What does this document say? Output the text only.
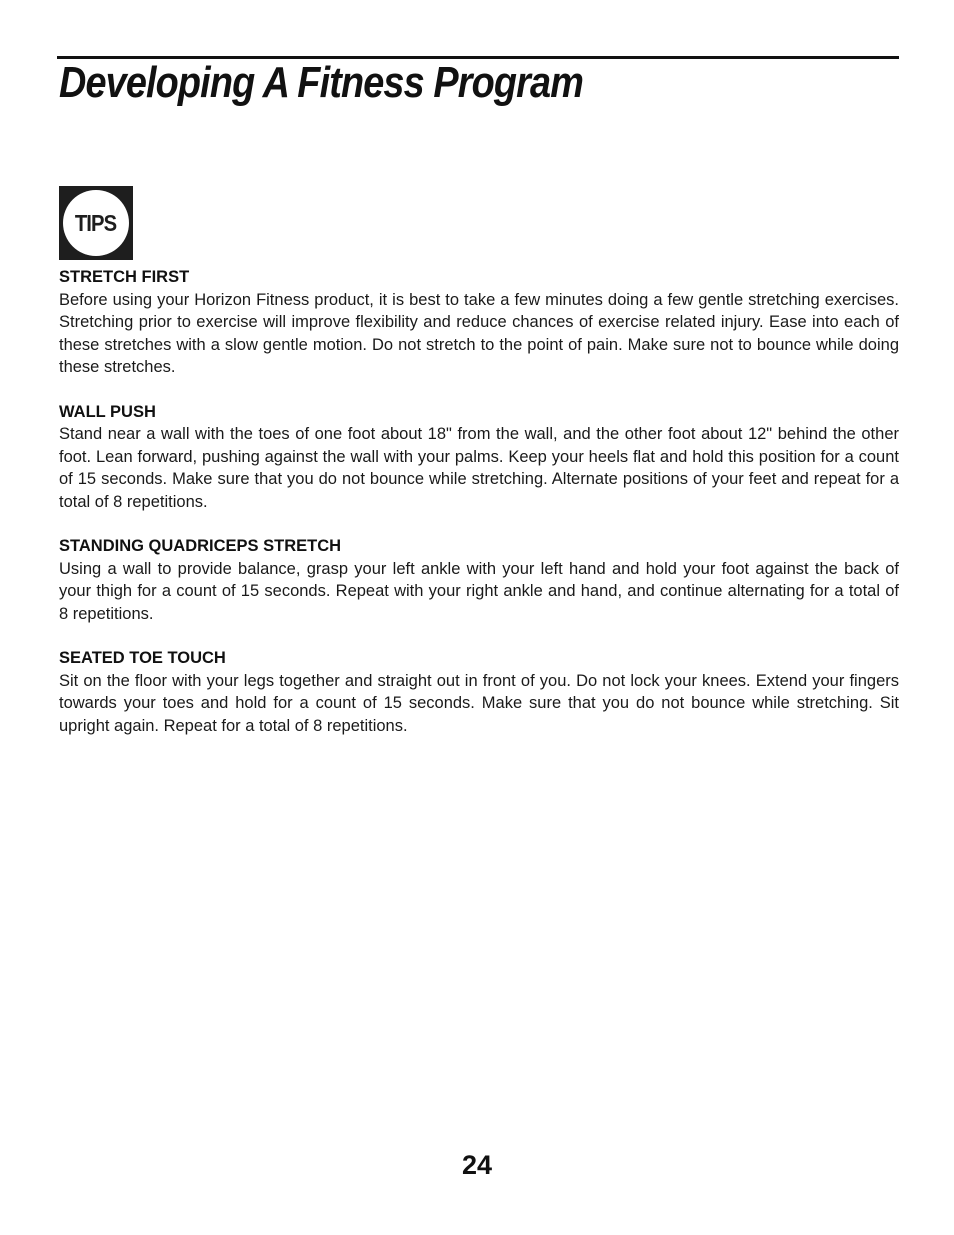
Developing A Fitness Program
TIPS
STRETCH FIRST

Before using your Horizon Fitness product, it is best to take a few minutes doing a few gentle stretching exercises. Stretching prior to exercise will improve flexibility and reduce chances of exercise related injury. Ease into each of these stretches with a slow gentle motion. Do not stretch to the point of pain. Make sure not to bounce while doing these stretches.

WALL PUSH

Stand near a wall with the toes of one foot about 18" from the wall, and the other foot about 12" behind the other foot. Lean forward, pushing against the wall with your palms. Keep your heels flat and hold this position for a count of 15 seconds. Make sure that you do not bounce while stretching. Alternate positions of your feet and repeat for a total of 8 repetitions.

STANDING QUADRICEPS STRETCH

Using a wall to provide balance, grasp your left ankle with your left hand and hold your foot against the back of your thigh for a count of 15 seconds. Repeat with your right ankle and hand, and continue alternating for a total of 8 repetitions.

SEATED TOE TOUCH

Sit on the floor with your legs together and straight out in front of you. Do not lock your knees. Extend your fingers towards your toes and hold for a count of 15 seconds. Make sure that you do not bounce while stretching. Sit upright again. Repeat for a total of 8 repetitions.

24
